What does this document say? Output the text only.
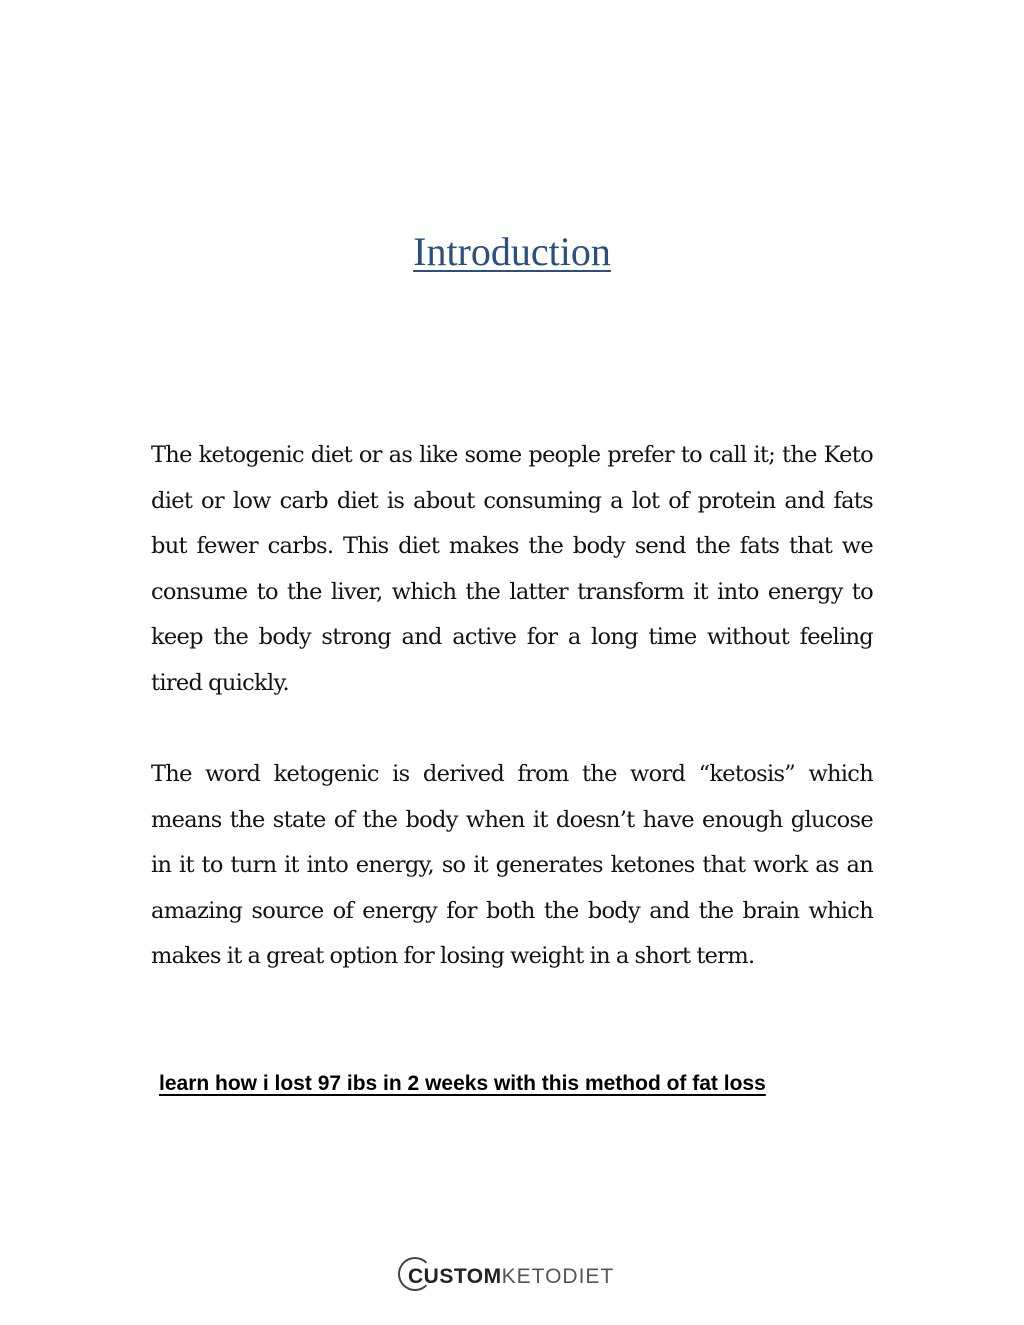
Introduction

The ketogenic diet or as like some people prefer to call it; the Keto diet or low carb diet is about consuming a lot of protein and fats but fewer carbs. This diet makes the body send the fats that we consume to the liver, which the latter transform it into energy to keep the body strong and active for a long time without feeling tired quickly.

The word ketogenic is derived from the word “ketosis” which means the state of the body when it doesn’t have enough glucose in it to turn it into energy, so it generates ketones that work as an amazing source of energy for both the body and the brain which makes it a great option for losing weight in a short term.

learn how i lost 97 ibs in 2 weeks with this method of fat loss
CUSTOMKETODIET
